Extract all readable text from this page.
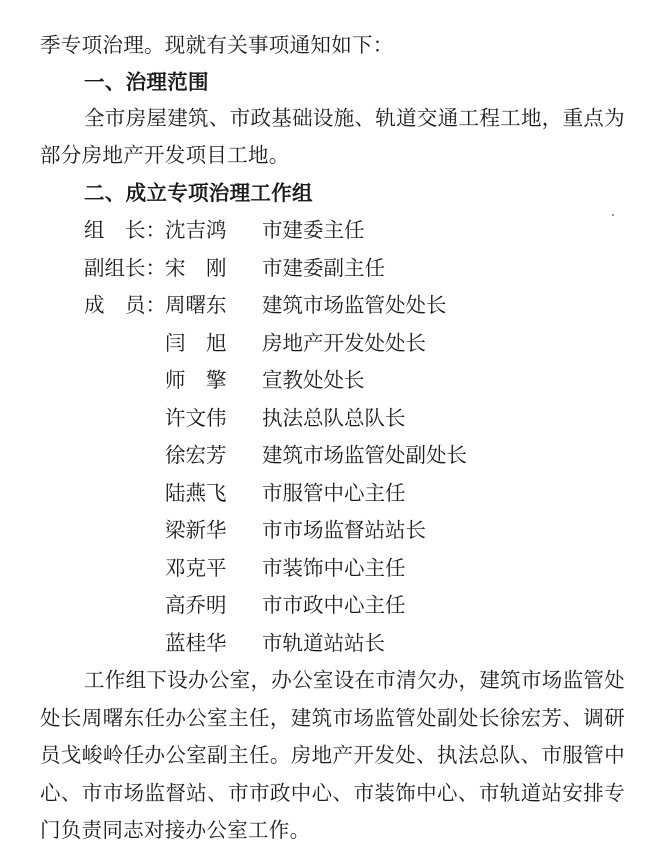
季专项治理。现就有关事项通知如下：
一、治理范围
全市房屋建筑、市政基础设施、轨道交通工程工地，重点为
部分房地产开发项目工地。
二、成立专项治理工作组
组　长： 沈吉鸿 市建委主任
副组长： 宋　刚 市建委副主任
成　员： 周曙东 建筑市场监管处处长
闫　旭 房地产开发处处长
师　擎 宣教处处长
许文伟 执法总队总队长
徐宏芳 建筑市场监管处副处长
陆燕飞 市服管中心主任
梁新华 市市场监督站站长
邓克平 市装饰中心主任
高乔明 市市政中心主任
蓝桂华 市轨道站站长
工作组下设办公室，办公室设在市清欠办，建筑市场监管处
处长周曙东任办公室主任，建筑市场监管处副处长徐宏芳、调研
员戈峻岭任办公室副主任。房地产开发处、执法总队、市服管中
心、市市场监督站、市市政中心、市装饰中心、市轨道站安排专
门负责同志对接办公室工作。
